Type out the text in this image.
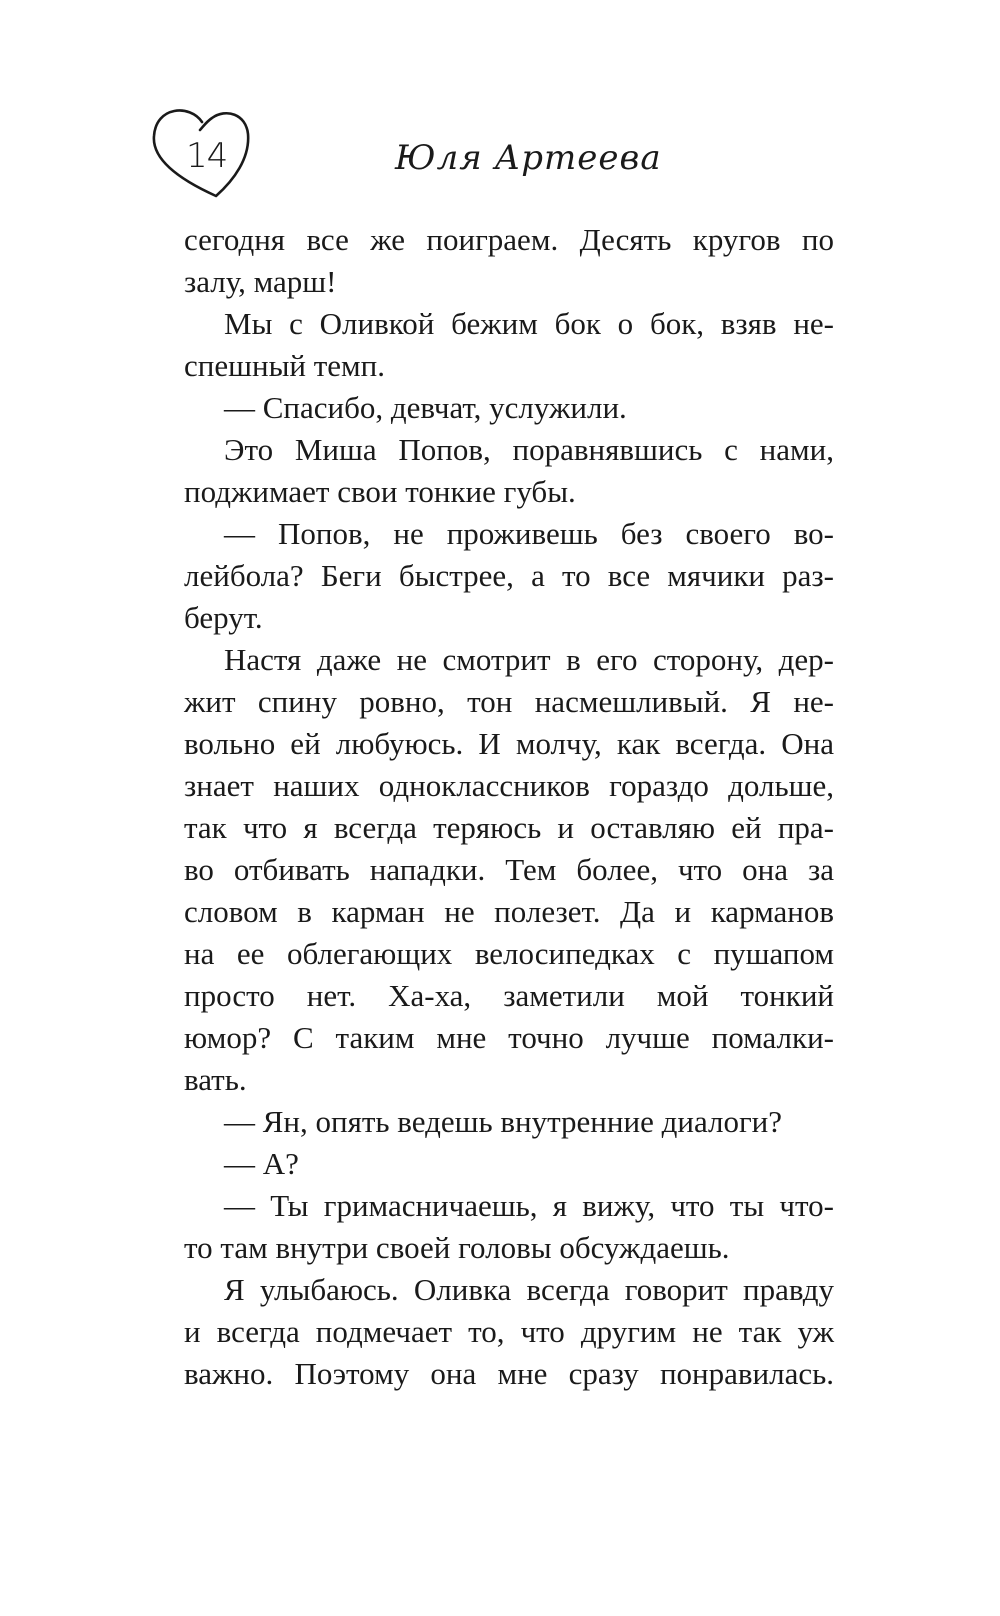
14	Юля Артеева
сегодня все же поиграем. Десять кругов по
залу, марш!
Мы с Оливкой бежим бок о бок, взяв не-
спешный темп.
— Спасибо, девчат, услужили.
Это Миша Попов, поравнявшись с нами,
поджимает свои тонкие губы.
— Попов, не проживешь без своего во-
лейбола? Беги быстрее, а то все мячики раз-
берут.
Настя даже не смотрит в его сторону, дер-
жит спину ровно, тон насмешливый. Я не-
вольно ей любуюсь. И молчу, как всегда. Она
знает наших одноклассников гораздо дольше,
так что я всегда теряюсь и оставляю ей пра-
во отбивать нападки. Тем более, что она за
словом в карман не полезет. Да и карманов
на ее облегающих велосипедках с пушапом
просто нет. Ха-ха, заметили мой тонкий
юмор? С таким мне точно лучше помалки-
вать.
— Ян, опять ведешь внутренние диалоги?
— А?
— Ты гримасничаешь, я вижу, что ты что-
то там внутри своей головы обсуждаешь.
Я улыбаюсь. Оливка всегда говорит правду
и всегда подмечает то, что другим не так уж
важно. Поэтому она мне сразу понравилась.
